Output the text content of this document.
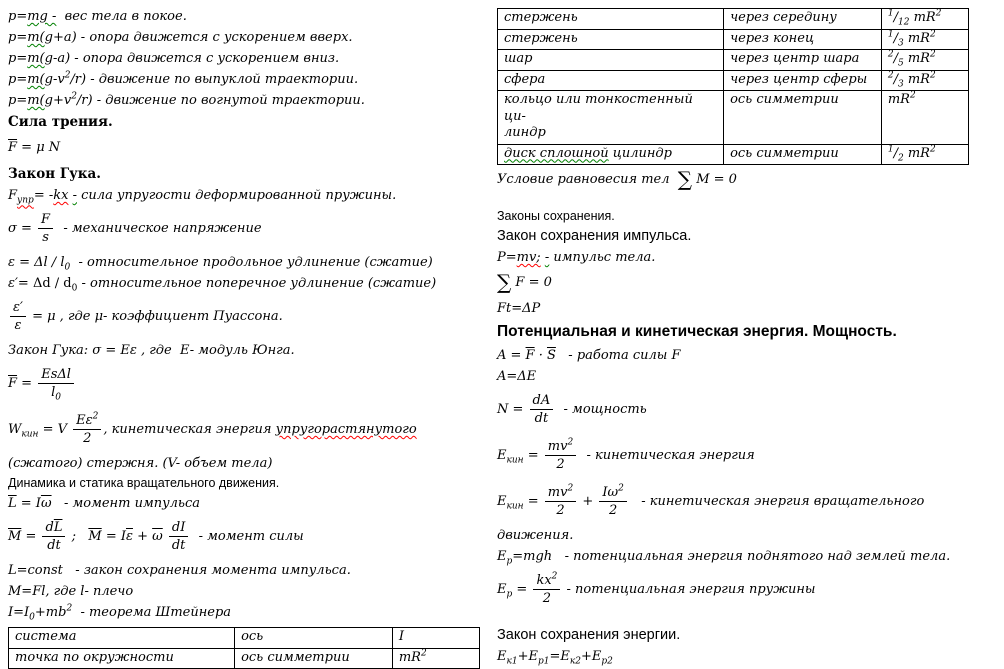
p=mg -  вес тела в покое.
p=m(g+a) - опора движется с ускорением вверх.
p=m(g-a) - опора движется с ускорением вниз.
$p=m(g-v^2/r)$ - движение по выпуклой траектории.
$p=m(g+v^2/r)$ - движение по вогнутой траектории.
Сила трения.
$\overline{F} = \mu$ N
Закон Гука.
$F_{упр}= -kx$ - сила упругости деформированной пружины.
$\sigma = \frac{F}{s}$ - механическое напряжение
$\varepsilon = \Delta l / l_0$  - относительное продольное удлинение (сжатие)
$\varepsilon'= \Delta d / d_0$ - относительное поперечное удлинение (сжатие)
$\frac{\varepsilon'}{\varepsilon} = \mu$ , где μ- коэффициент Пуассона.
Закон Гука: σ = Eε , где  E- модуль Юнга.
$\overline{F} = \frac{\text{EsΔl}}{l_0}$
$W_{кин} = V \frac{E\varepsilon^2}{2}$ , кинетическая энергия упругорастянутого
(сжатого) стержня. (V- объем тела)
Динамика и статика вращательного движения.
$\overline{L} = I\overline{\omega}$   - момент импульса
$\overline{M} = \frac{d\overline{L}}{dt}$ ;   $\overline{M} = I\overline{\varepsilon} + \overline{\omega} \frac{dI}{dt}$ - момент силы
L=const   - закон сохранения момента импульса.
M=Fl, где l- плечо
$I=I_0+mb^2$  - теорема Штейнера
система	ось	I
точка по окружности	ось симметрии	$mR^2$
стержень	через середину	$^1/_{12}$ $mR^2$
стержень	через конец	$^1/_3$ $mR^2$
шар	через центр шара	$^2/_5$ $mR^2$
сфера	через центр сферы	$^2/_3$ $mR^2$
кольцо или тонкостенный ци-
линдр	ось симметрии	$mR^2$
диск сплошной цилиндр	ось симметрии	$^1/_2$ $mR^2$
Условие равновесия тел  ∑ M = 0
Законы сохранения.
Закон сохранения импульса.
P=mv; - импульс тела.
∑ F = 0
Ft=ΔP
Потенциальная и кинетическая энергия. Мощность.
$A = \overline{F} \cdot \overline{S}$   - работа силы F
A=ΔE
$N = \frac{dA}{dt}$ - мощность
$E_{кин} = \frac{mv^2}{2}$ - кинетическая энергия
$E_{кин} = \frac{mv^2}{2} + \frac{I\omega^2}{2}$ - кинетическая энергия вращательного
движения.
$E_p=mgh$   - потенциальная энергия поднятого над землей тела.
$E_p = \frac{kx^2}{2}$ - потенциальная энергия пружины
Закон сохранения энергии.
$E_{к1}+E_{p1}=E_{к2}+E_{p2}$
